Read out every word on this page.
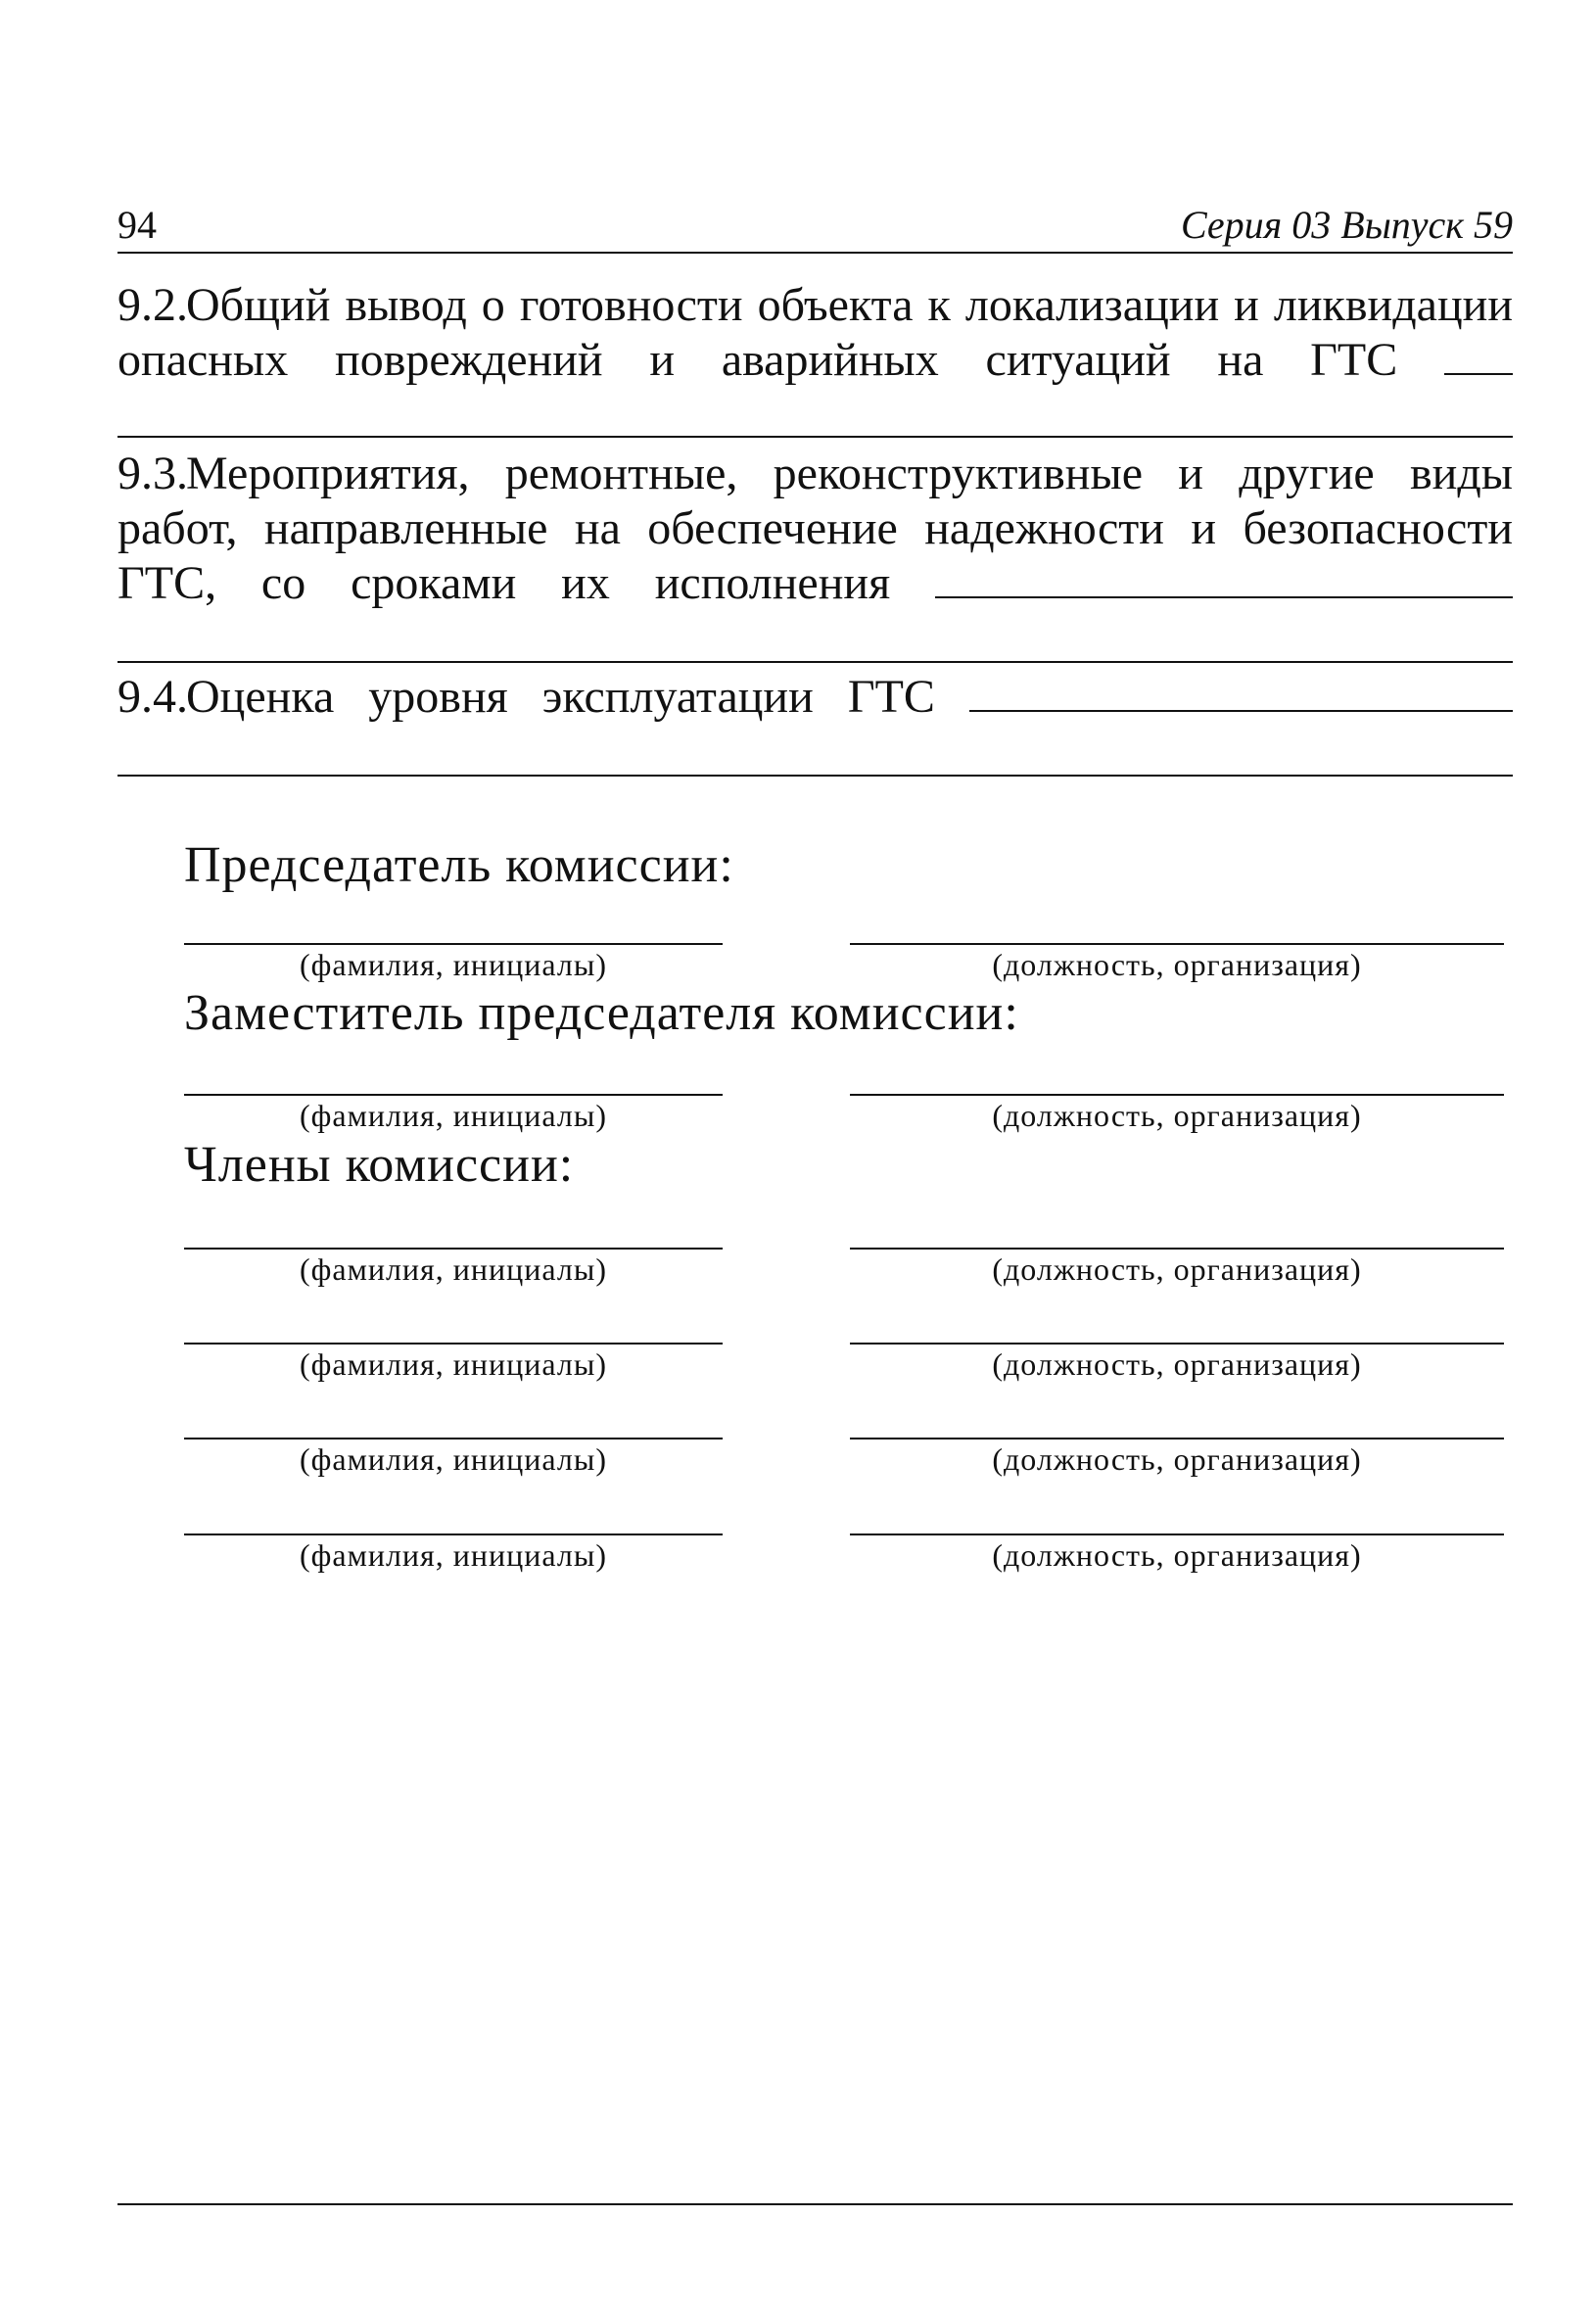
94	Серия 03 Выпуск 59
9.2.Общий вывод о готовности объекта к локализации и ликвидации опасных повреждений и аварийных ситуаций на ГТС
9.3.Мероприятия, ремонтные, реконструктивные и другие виды работ, направленные на обеспечение надежности и безопасности ГТС, со сроками их исполнения
9.4.Оценка уровня эксплуатации ГТС
Председатель комиссии:
(фамилия, инициалы)	(должность, организация)
Заместитель председателя комиссии:
(фамилия, инициалы)	(должность, организация)
Члены комиссии:
(фамилия, инициалы)	(должность, организация)
(фамилия, инициалы)	(должность, организация)
(фамилия, инициалы)	(должность, организация)
(фамилия, инициалы)	(должность, организация)
